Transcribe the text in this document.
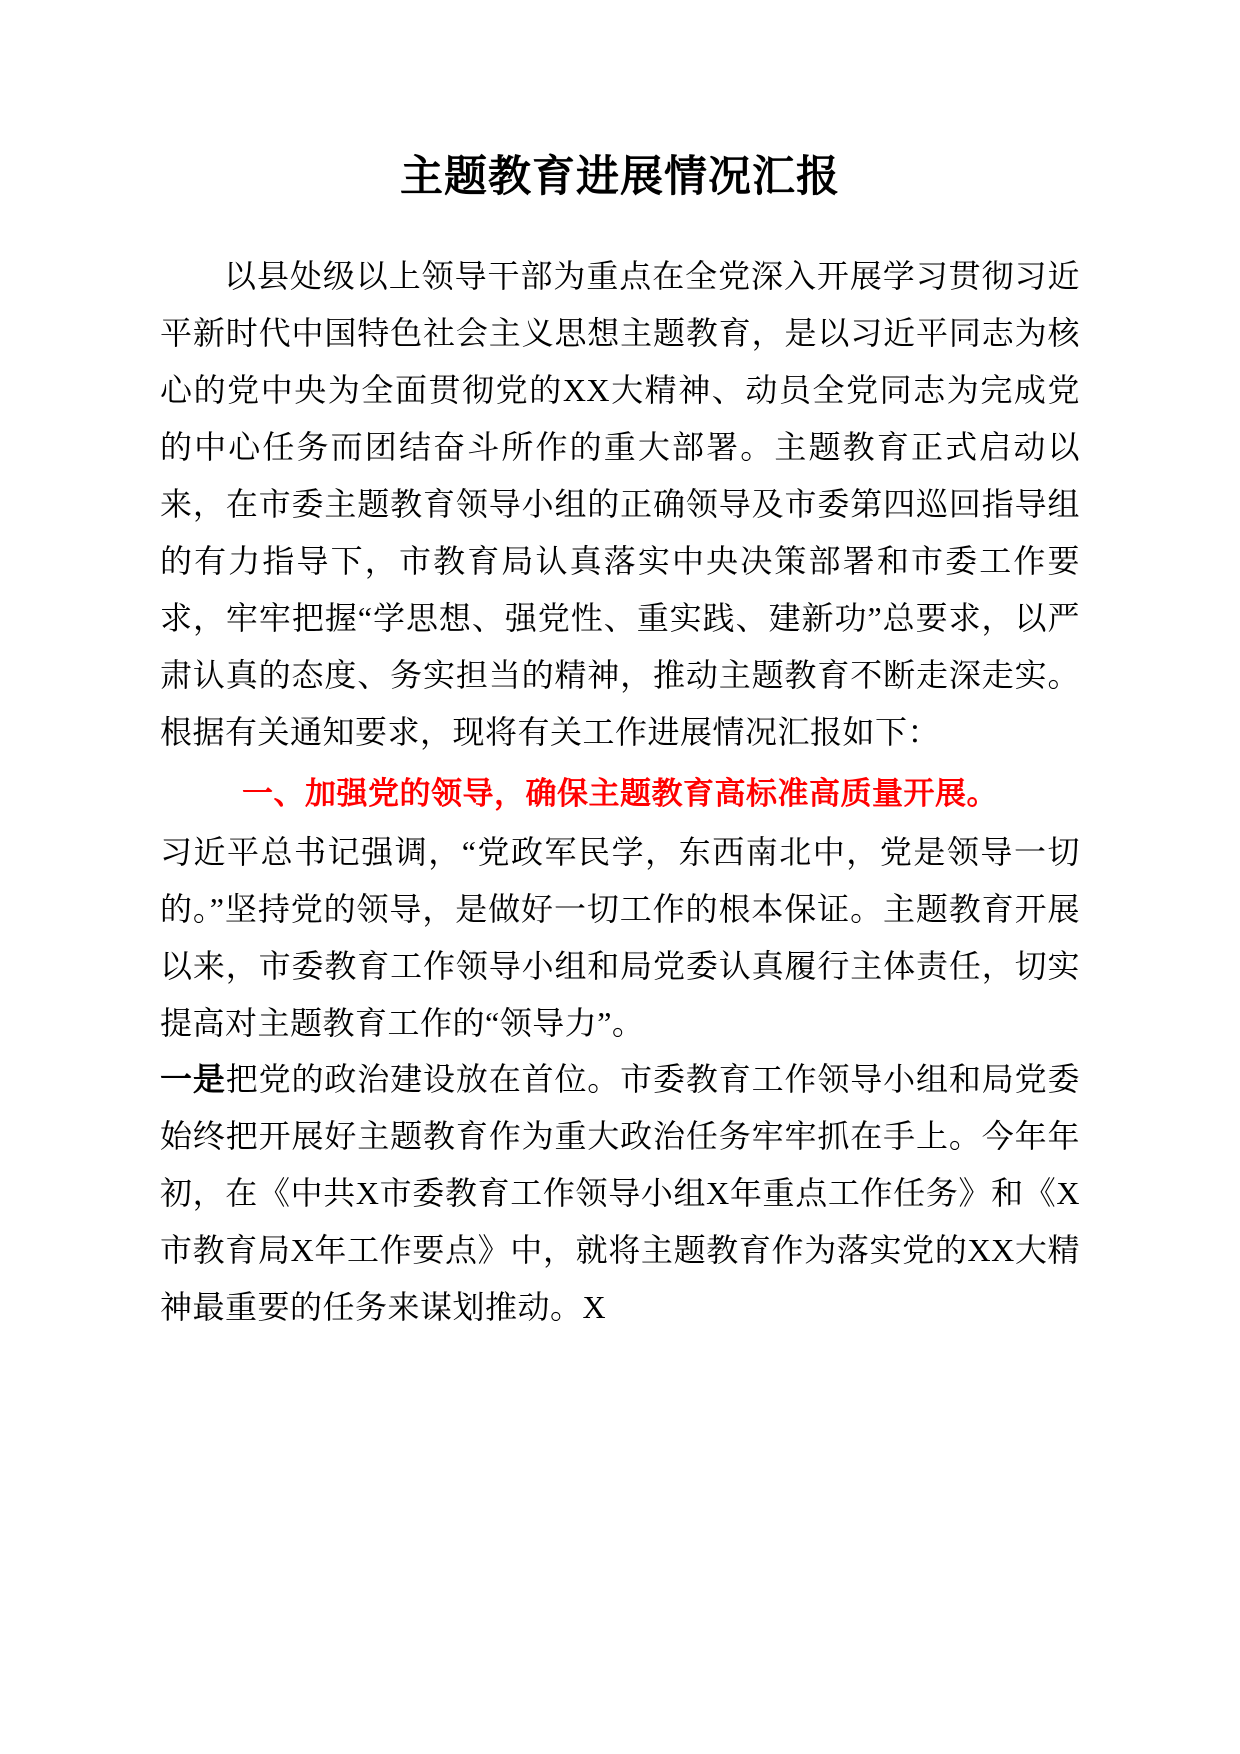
主题教育进展情况汇报

以县处级以上领导干部为重点在全党深入开展学习贯彻习近平新时代中国特色社会主义思想主题教育，是以习近平同志为核心的党中央为全面贯彻党的XX大精神、动员全党同志为完成党的中心任务而团结奋斗所作的重大部署。主题教育正式启动以来，在市委主题教育领导小组的正确领导及市委第四巡回指导组的有力指导下，市教育局认真落实中央决策部署和市委工作要求，牢牢把握“学思想、强党性、重实践、建新功”总要求，以严肃认真的态度、务实担当的精神，推动主题教育不断走深走实。根据有关通知要求，现将有关工作进展情况汇报如下：

一、加强党的领导，确保主题教育高标准高质量开展。

习近平总书记强调，“党政军民学，东西南北中，党是领导一切的。”坚持党的领导，是做好一切工作的根本保证。主题教育开展以来，市委教育工作领导小组和局党委认真履行主体责任，切实提高对主题教育工作的“领导力”。

一是把党的政治建设放在首位。市委教育工作领导小组和局党委始终把开展好主题教育作为重大政治任务牢牢抓在手上。今年年初，在《中共X市委教育工作领导小组X年重点工作任务》和《X市教育局X年工作要点》中，就将主题教育作为落实党的XX大精神最重要的任务来谋划推动。X
